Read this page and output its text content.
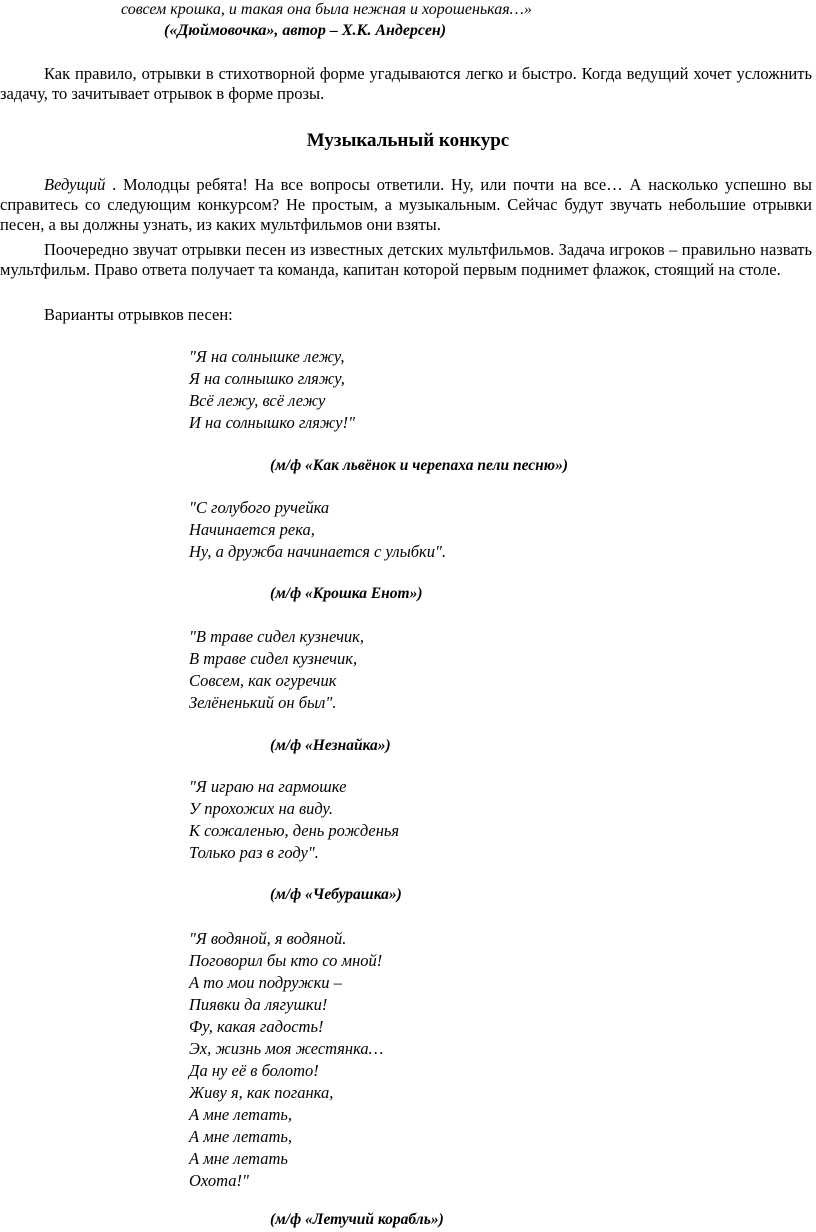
совсем крошка, и такая она была нежная и хорошенькая…»
(«Дюймовочка», автор – Х.К. Андерсен)

Как правило, отрывки в стихотворной форме угадываются легко и быстро. Когда ведущий хочет усложнить задачу, то зачитывает отрывок в форме прозы.

Музыкальный конкурс

Ведущий . Молодцы ребята! На все вопросы ответили. Ну, или почти на все… А насколько успешно вы справитесь со следующим конкурсом? Не простым, а музыкальным. Сейчас будут звучать небольшие отрывки песен, а вы должны узнать, из каких мультфильмов они взяты.

Поочередно звучат отрывки песен из известных детских мультфильмов. Задача игроков – правильно назвать мультфильм. Право ответа получает та команда, капитан которой первым поднимет флажок, стоящий на столе.

Варианты отрывков песен:
"Я на солнышке лежу,
Я на солнышко гляжу,
Всё лежу, всё лежу
И на солнышко гляжу!"
(м/ф «Как львёнок и черепаха пели песню»)
"С голубого ручейка
Начинается река,
Ну, а дружба начинается с улыбки".
(м/ф «Крошка Енот»)
"В траве сидел кузнечик,
В траве сидел кузнечик,
Совсем, как огуречик
Зелёненький он был".
(м/ф «Незнайка»)
"Я играю на гармошке
У прохожих на виду.
К сожаленью, день рожденья
Только раз в году".
(м/ф «Чебурашка»)
"Я водяной, я водяной.
Поговорил бы кто со мной!
А то мои подружки –
Пиявки да лягушки!
Фу, какая гадость!
Эх, жизнь моя жестянка…
Да ну её в болото!
Живу я, как поганка,
А мне летать,
А мне летать,
А мне летать
Охота!"
(м/ф «Летучий корабль»)
